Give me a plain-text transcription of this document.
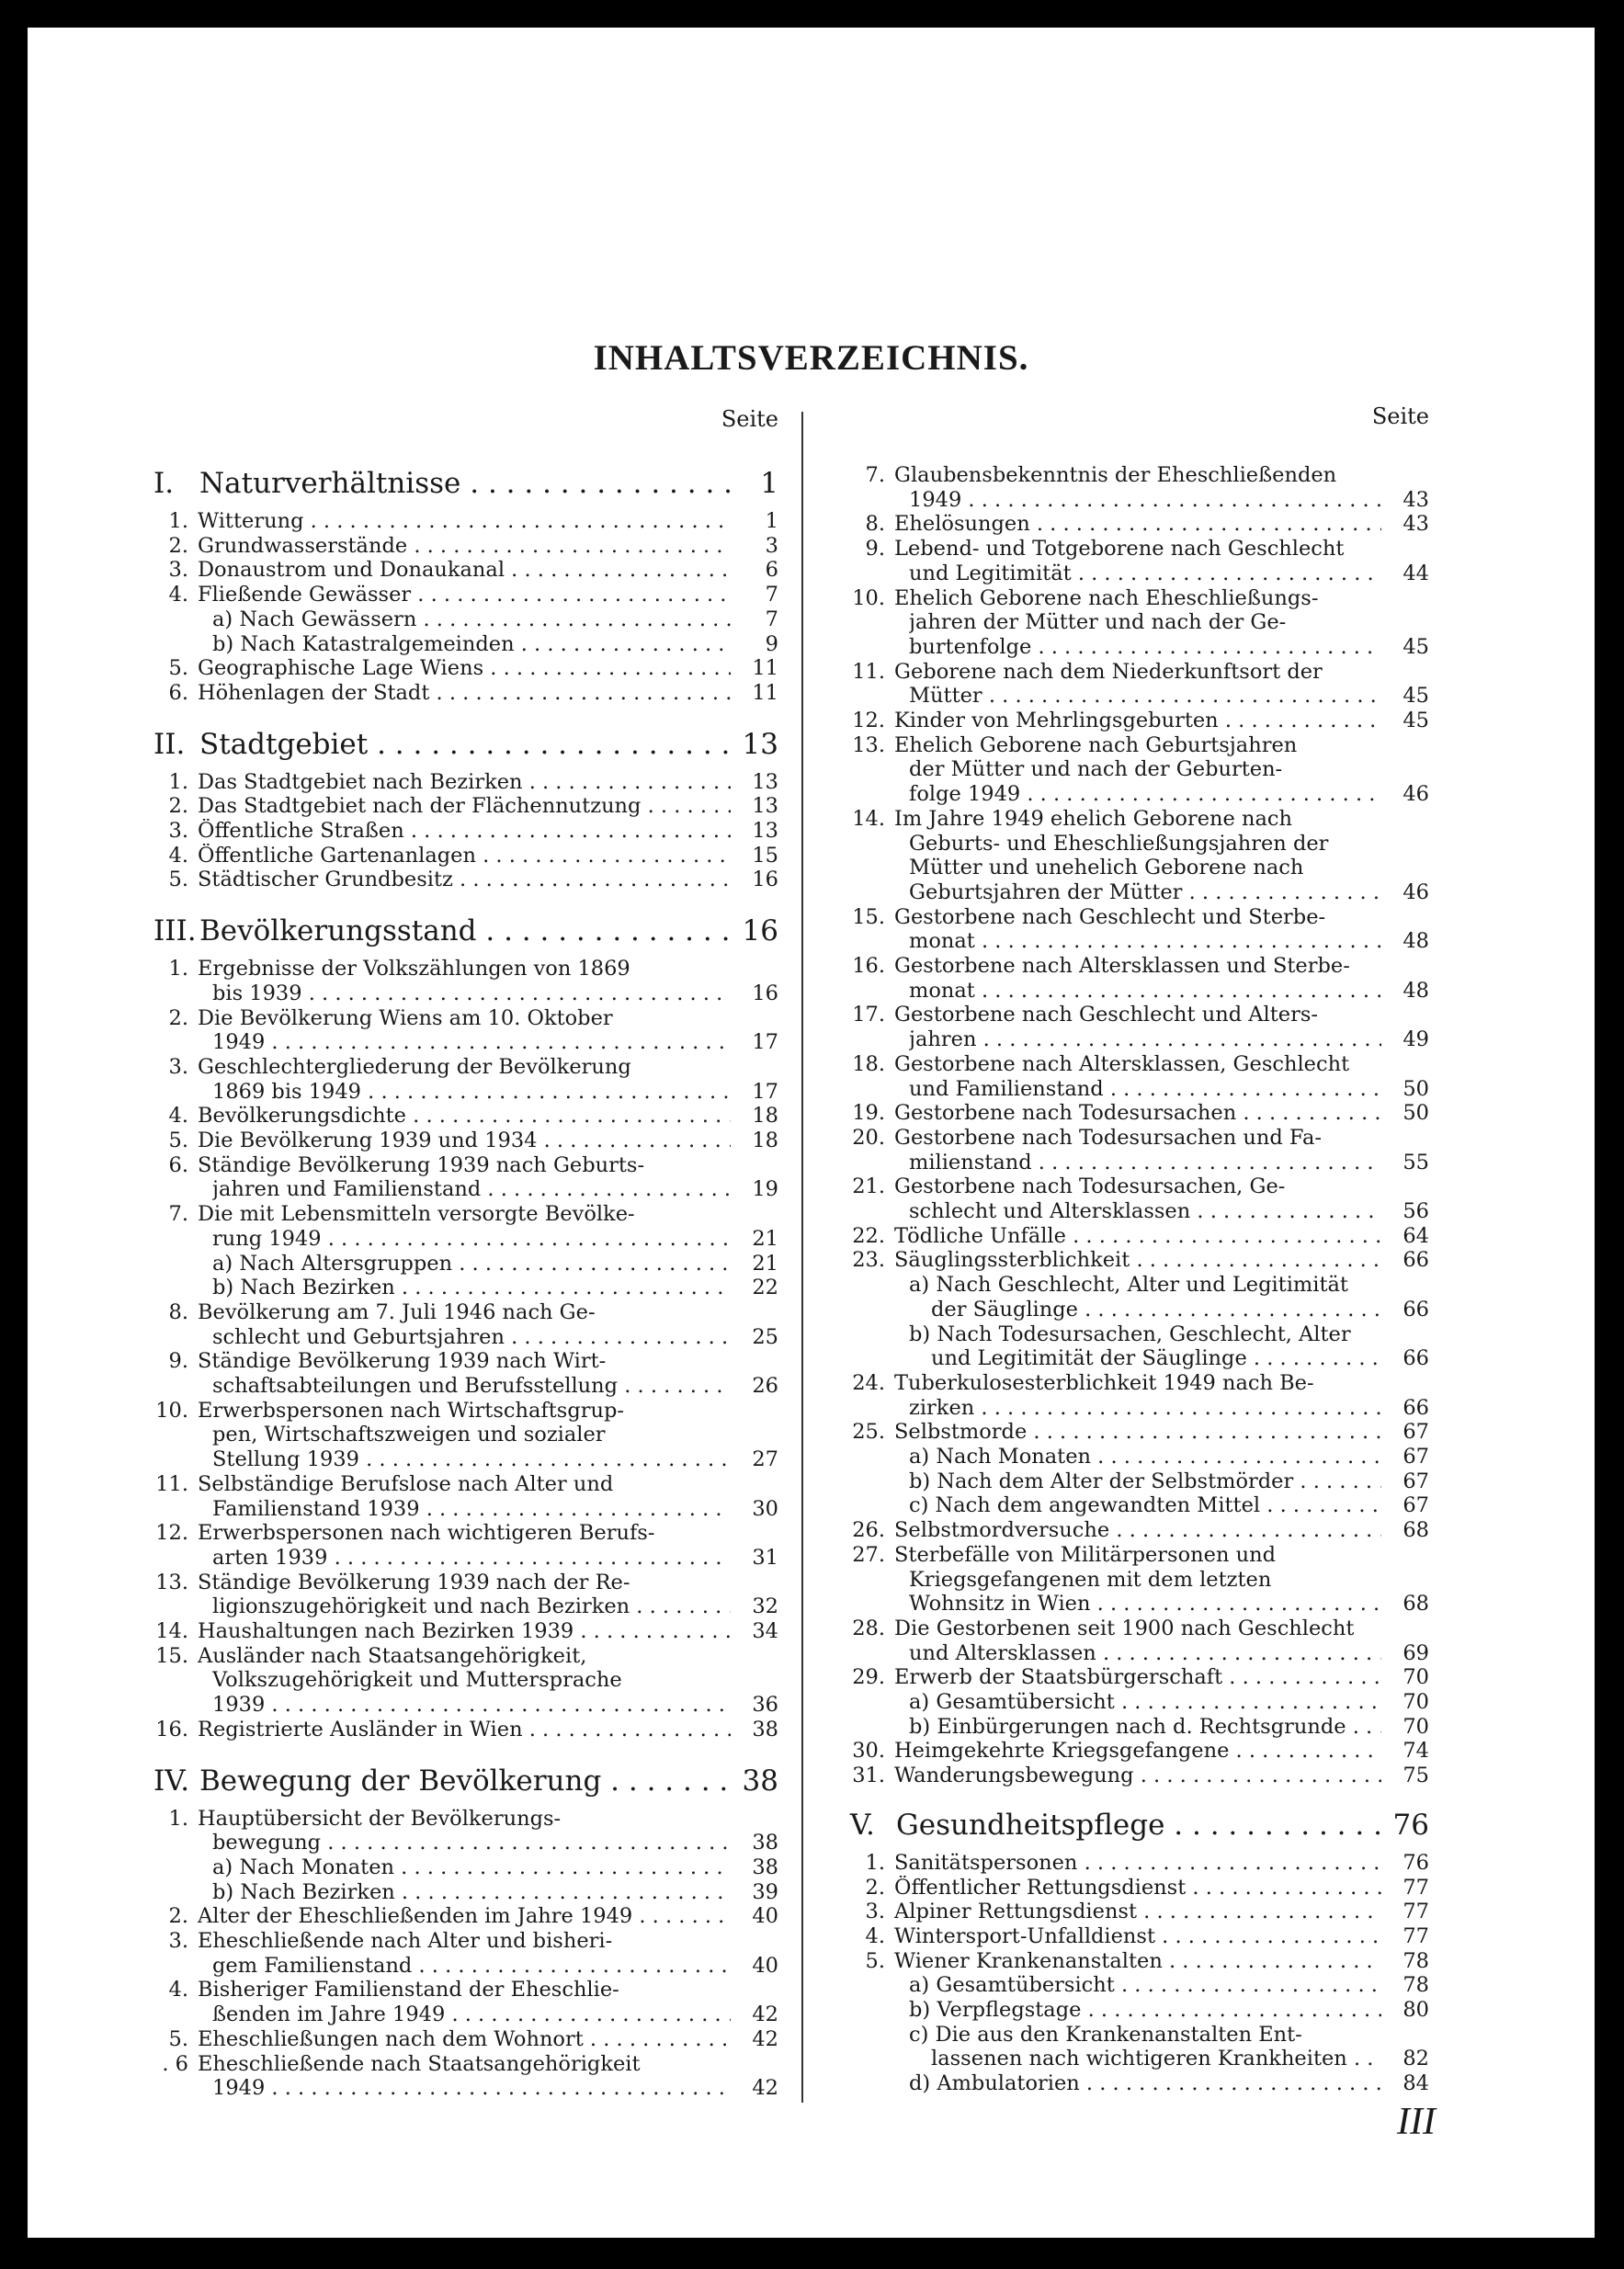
INHALTSVERZEICHNIS.
Seite
I. Naturverhältnisse . . .	1
1. Witterung . . .	1
2. Grundwasserstände . . .	3
3. Donaustrom und Donaukanal . . .	6
4. Fließende Gewässer . . .	7
a) Nach Gewässern . . .	7
b) Nach Katastralgemeinden . . .	9
5. Geographische Lage Wiens . . .	11
6. Höhenlagen der Stadt . . .	11
II. Stadtgebiet . . .	13
1. Das Stadtgebiet nach Bezirken . . .	13
2. Das Stadtgebiet nach der Flächennutzung . . .	13
3. Öffentliche Straßen . . .	13
4. Öffentliche Gartenanlagen . . .	15
5. Städtischer Grundbesitz . . .	16
III. Bevölkerungsstand . . .	16
1. Ergebnisse der Volkszählungen von 1869
bis 1939 . . .	16
2. Die Bevölkerung Wiens am 10. Oktober
1949 . . .	17
3. Geschlechtergliederung der Bevölkerung
1869 bis 1949 . . .	17
4. Bevölkerungsdichte . . .	18
5. Die Bevölkerung 1939 und 1934 . . .	18
6. Ständige Bevölkerung 1939 nach Geburts-
jahren und Familienstand . . .	19
7. Die mit Lebensmitteln versorgte Bevölke-
rung 1949 . . .	21
a) Nach Altersgruppen . . .	21
b) Nach Bezirken . . .	22
8. Bevölkerung am 7. Juli 1946 nach Ge-
schlecht und Geburtsjahren . . .	25
9. Ständige Bevölkerung 1939 nach Wirt-
schaftsabteilungen und Berufsstellung . . .	26
10. Erwerbspersonen nach Wirtschaftsgrup-
pen, Wirtschaftszweigen und sozialer
Stellung 1939 . . .	27
11. Selbständige Berufslose nach Alter und
Familienstand 1939 . . .	30
12. Erwerbspersonen nach wichtigeren Berufs-
arten 1939 . . .	31
13. Ständige Bevölkerung 1939 nach der Re-
ligionszugehörigkeit und nach Bezirken . . .	32
14. Haushaltungen nach Bezirken 1939 . . .	34
15. Ausländer nach Staatsangehörigkeit,
Volkszugehörigkeit und Muttersprache
1939 . . .	36
16. Registrierte Ausländer in Wien . . .	38
IV. Bewegung der Bevölkerung . . .	38
1. Hauptübersicht der Bevölkerungs-
bewegung . . .	38
a) Nach Monaten . . .	38
b) Nach Bezirken . . .	39
2. Alter der Eheschließenden im Jahre 1949 . . .	40
3. Eheschließende nach Alter und bisheri-
gem Familienstand . . .	40
4. Bisheriger Familienstand der Eheschlie-
ßenden im Jahre 1949 . . .	42
5. Eheschließungen nach dem Wohnort . . .	42
. 6 Eheschließende nach Staatsangehörigkeit
1949 . . .	42
Seite
7. Glaubensbekenntnis der Eheschließenden
1949 . . .	43
8. Ehelösungen . . .	43
9. Lebend- und Totgeborene nach Geschlecht
und Legitimität . . .	44
10. Ehelich Geborene nach Eheschließungs-
jahren der Mütter und nach der Ge-
burtenfolge . . .	45
11. Geborene nach dem Niederkunftsort der
Mütter . . .	45
12. Kinder von Mehrlingsgeburten . . .	45
13. Ehelich Geborene nach Geburtsjahren
der Mütter und nach der Geburten-
folge 1949 . . .	46
14. Im Jahre 1949 ehelich Geborene nach
Geburts- und Eheschließungsjahren der
Mütter und unehelich Geborene nach
Geburtsjahren der Mütter . . .	46
15. Gestorbene nach Geschlecht und Sterbe-
monat . . .	48
16. Gestorbene nach Altersklassen und Sterbe-
monat . . .	48
17. Gestorbene nach Geschlecht und Alters-
jahren . . .	49
18. Gestorbene nach Altersklassen, Geschlecht
und Familienstand . . .	50
19. Gestorbene nach Todesursachen . . .	50
20. Gestorbene nach Todesursachen und Fa-
milienstand . . .	55
21. Gestorbene nach Todesursachen, Ge-
schlecht und Altersklassen . . .	56
22. Tödliche Unfälle . . .	64
23. Säuglingssterblichkeit . . .	66
a) Nach Geschlecht, Alter und Legitimität
der Säuglinge . . .	66
b) Nach Todesursachen, Geschlecht, Alter
und Legitimität der Säuglinge . . .	66
24. Tuberkulosesterblichkeit 1949 nach Be-
zirken . . .	66
25. Selbstmorde . . .	67
a) Nach Monaten . . .	67
b) Nach dem Alter der Selbstmörder . . .	67
c) Nach dem angewandten Mittel . . .	67
26. Selbstmordversuche . . .	68
27. Sterbefälle von Militärpersonen und
Kriegsgefangenen mit dem letzten
Wohnsitz in Wien . . .	68
28. Die Gestorbenen seit 1900 nach Geschlecht
und Altersklassen . . .	69
29. Erwerb der Staatsbürgerschaft . . .	70
a) Gesamtübersicht . . .	70
b) Einbürgerungen nach d. Rechtsgrunde . . .	70
30. Heimgekehrte Kriegsgefangene . . .	74
31. Wanderungsbewegung . . .	75
V. Gesundheitspflege . . .	76
1. Sanitätspersonen . . .	76
2. Öffentlicher Rettungsdienst . . .	77
3. Alpiner Rettungsdienst . . .	77
4. Wintersport-Unfalldienst . . .	77
5. Wiener Krankenanstalten . . .	78
a) Gesamtübersicht . . .	78
b) Verpflegstage . . .	80
c) Die aus den Krankenanstalten Ent-
lassenen nach wichtigeren Krankheiten . . .	82
d) Ambulatorien . . .	84
III
